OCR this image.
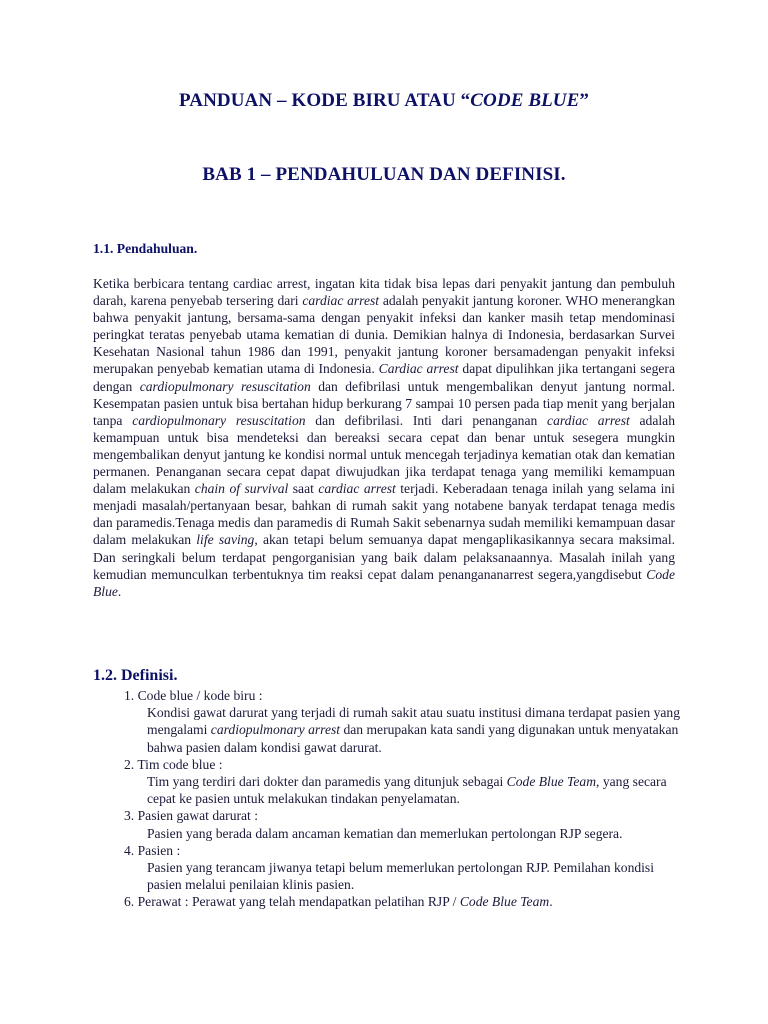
PANDUAN – KODE BIRU ATAU “CODE BLUE”
BAB 1 – PENDAHULUAN DAN DEFINISI.
1.1. Pendahuluan.
Ketika berbicara tentang cardiac arrest, ingatan kita tidak bisa lepas dari penyakit jantung dan pembuluh darah, karena penyebab tersering dari cardiac arrest adalah penyakit jantung koroner. WHO menerangkan bahwa penyakit jantung, bersama-sama dengan penyakit infeksi dan kanker masih tetap mendominasi peringkat teratas penyebab utama kematian di dunia. Demikian halnya di Indonesia, berdasarkan Survei Kesehatan Nasional tahun 1986 dan 1991, penyakit jantung koroner bersamadengan penyakit infeksi merupakan penyebab kematian utama di Indonesia. Cardiac arrest dapat dipulihkan jika tertangani segera dengan cardiopulmonary resuscitation dan defibrilasi untuk mengembalikan denyut jantung normal. Kesempatan pasien untuk bisa bertahan hidup berkurang 7 sampai 10 persen pada tiap menit yang berjalan tanpa cardiopulmonary resuscitation dan defibrilasi. Inti dari penanganan cardiac arrest adalah kemampuan untuk bisa mendeteksi dan bereaksi secara cepat dan benar untuk sesegera mungkin mengembalikan denyut jantung ke kondisi normal untuk mencegah terjadinya kematian otak dan kematian permanen. Penanganan secara cepat dapat diwujudkan jika terdapat tenaga yang memiliki kemampuan dalam melakukan chain of survival saat cardiac arrest terjadi. Keberadaan tenaga inilah yang selama ini menjadi masalah/pertanyaan besar, bahkan di rumah sakit yang notabene banyak terdapat tenaga medis dan paramedis.Tenaga medis dan paramedis di Rumah Sakit sebenarnya sudah memiliki kemampuan dasar dalam melakukan life saving, akan tetapi belum semuanya dapat mengaplikasikannya secara maksimal. Dan seringkali belum terdapat pengorganisian yang baik dalam pelaksanaannya. Masalah inilah yang kemudian memunculkan terbentuknya tim reaksi cepat dalam penangananarrest segera,yangdisebut Code Blue.
1.2. Definisi.
1. Code blue / kode biru :
Kondisi gawat darurat yang terjadi di rumah sakit atau suatu institusi dimana terdapat pasien yang mengalami cardiopulmonary arrest dan merupakan kata sandi yang digunakan untuk menyatakan bahwa pasien dalam kondisi gawat darurat.
2. Tim code blue :
Tim yang terdiri dari dokter dan paramedis yang ditunjuk sebagai Code Blue Team, yang secara cepat ke pasien untuk melakukan tindakan penyelamatan.
3. Pasien gawat darurat :
Pasien yang berada dalam ancaman kematian dan memerlukan pertolongan RJP segera.
4. Pasien :
Pasien yang terancam jiwanya tetapi belum memerlukan pertolongan RJP. Pemilahan kondisi pasien melalui penilaian klinis pasien.
6. Perawat : Perawat yang telah mendapatkan pelatihan RJP / Code Blue Team.
